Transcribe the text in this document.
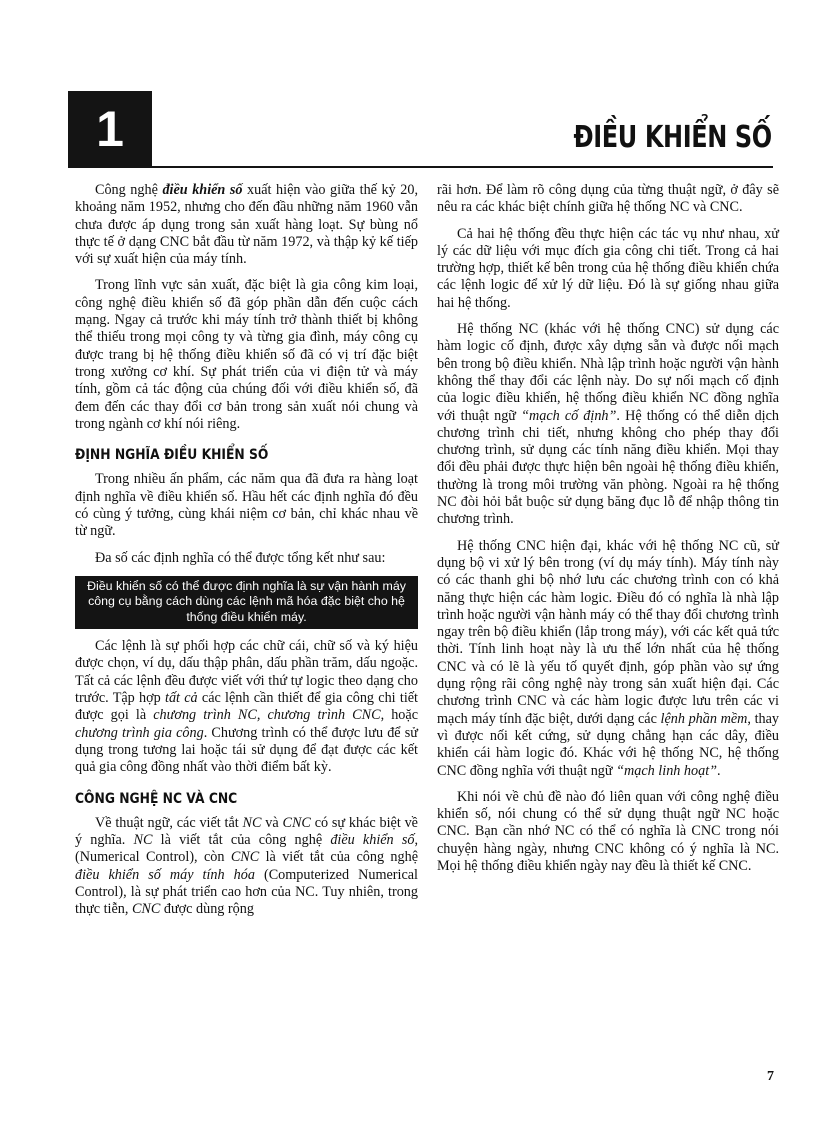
1	ĐIỀU KHIỂN SỐ

Công nghệ điều khiển số xuất hiện vào giữa thế kỷ 20, khoảng năm 1952, nhưng cho đến đầu những năm 1960 vẫn chưa được áp dụng trong sản xuất hàng loạt. Sự bùng nổ thực tế ở dạng CNC bắt đầu từ năm 1972, và thập kỷ kế tiếp với sự xuất hiện của máy tính.

Trong lĩnh vực sản xuất, đặc biệt là gia công kim loại, công nghệ điều khiển số đã góp phần dẫn đến cuộc cách mạng. Ngay cả trước khi máy tính trở thành thiết bị không thể thiếu trong mọi công ty và từng gia đình, máy công cụ được trang bị hệ thống điều khiển số đã có vị trí đặc biệt trong xưởng cơ khí. Sự phát triển của vi điện tử và máy tính, gồm cả tác động của chúng đối với điều khiển số, đã đem đến các thay đổi cơ bản trong sản xuất nói chung và trong ngành cơ khí nói riêng.

ĐỊNH NGHĨA ĐIỀU KHIỂN SỐ

Trong nhiều ấn phẩm, các năm qua đã đưa ra hàng loạt định nghĩa về điều khiển số. Hầu hết các định nghĩa đó đều có cùng ý tưởng, cùng khái niệm cơ bản, chỉ khác nhau về từ ngữ.

Đa số các định nghĩa có thể được tổng kết như sau:

Điều khiển số có thể được định nghĩa là sự vận hành máy công cụ bằng cách dùng các lệnh mã hóa đặc biệt cho hệ thống điều khiển máy.

Các lệnh là sự phối hợp các chữ cái, chữ số và ký hiệu được chọn, ví dụ, dấu thập phân, dấu phần trăm, dấu ngoặc. Tất cả các lệnh đều được viết với thứ tự logic theo dạng cho trước. Tập hợp tất cả các lệnh cần thiết để gia công chi tiết được gọi là chương trình NC, chương trình CNC, hoặc chương trình gia công. Chương trình có thể được lưu để sử dụng trong tương lai hoặc tái sử dụng để đạt được các kết quả gia công đồng nhất vào thời điểm bất kỳ.

CÔNG NGHỆ NC VÀ CNC

Về thuật ngữ, các viết tắt NC và CNC có sự khác biệt về ý nghĩa. NC là viết tắt của công nghệ điều khiển số,(Numerical Control), còn CNC là viết tắt của công nghệ điều khiển số máy tính hóa (Computerized Numerical Control), là sự phát triển cao hơn của NC. Tuy nhiên, trong thực tiễn, CNC được dùng rộng

rãi hơn. Để làm rõ công dụng của từng thuật ngữ, ở đây sẽ nêu ra các khác biệt chính giữa hệ thống NC và CNC.

Cả hai hệ thống đều thực hiện các tác vụ như nhau, xử lý các dữ liệu với mục đích gia công chi tiết. Trong cả hai trường hợp, thiết kế bên trong của hệ thống điều khiển chứa các lệnh logic để xử lý dữ liệu. Đó là sự giống nhau giữa hai hệ thống.

Hệ thống NC (khác với hệ thống CNC) sử dụng các hàm logic cố định, được xây dựng sẵn và được nối mạch bên trong bộ điều khiển. Nhà lập trình hoặc người vận hành không thể thay đổi các lệnh này. Do sự nối mạch cố định của logic điều khiển, hệ thống điều khiển NC đồng nghĩa với thuật ngữ “mạch cố định”. Hệ thống có thể diễn dịch chương trình chi tiết, nhưng không cho phép thay đổi chương trình, sử dụng các tính năng điều khiển. Mọi thay đổi đều phải được thực hiện bên ngoài hệ thống điều khiển, thường là trong môi trường văn phòng. Ngoài ra hệ thống NC đòi hỏi bắt buộc sử dụng băng đục lỗ để nhập thông tin chương trình.

Hệ thống CNC hiện đại, khác với hệ thống NC cũ, sử dụng bộ vi xử lý bên trong (ví dụ máy tính). Máy tính này có các thanh ghi bộ nhớ lưu các chương trình con có khả năng thực hiện các hàm logic. Điều đó có nghĩa là nhà lập trình hoặc người vận hành máy có thể thay đổi chương trình ngay trên bộ điều khiển (lắp trong máy), với các kết quả tức thời. Tính linh hoạt này là ưu thế lớn nhất của hệ thống CNC và có lẽ là yếu tố quyết định, góp phần vào sự ứng dụng rộng rãi công nghệ này trong sản xuất hiện đại. Các chương trình CNC và các hàm logic được lưu trên các vi mạch máy tính đặc biệt, dưới dạng các lệnh phần mềm, thay vì được nối kết cứng, sử dụng chẳng hạn các dây, điều khiển cái hàm logic đó. Khác với hệ thống NC, hệ thống CNC đồng nghĩa với thuật ngữ “mạch linh hoạt”.

Khi nói về chủ đề nào đó liên quan với công nghệ điều khiển số, nói chung có thể sử dụng thuật ngữ NC hoặc CNC. Bạn cần nhớ NC có thể có nghĩa là CNC trong nói chuyện hàng ngày, nhưng CNC không có ý nghĩa là NC. Mọi hệ thống điều khiển ngày nay đều là thiết kế CNC.

7
